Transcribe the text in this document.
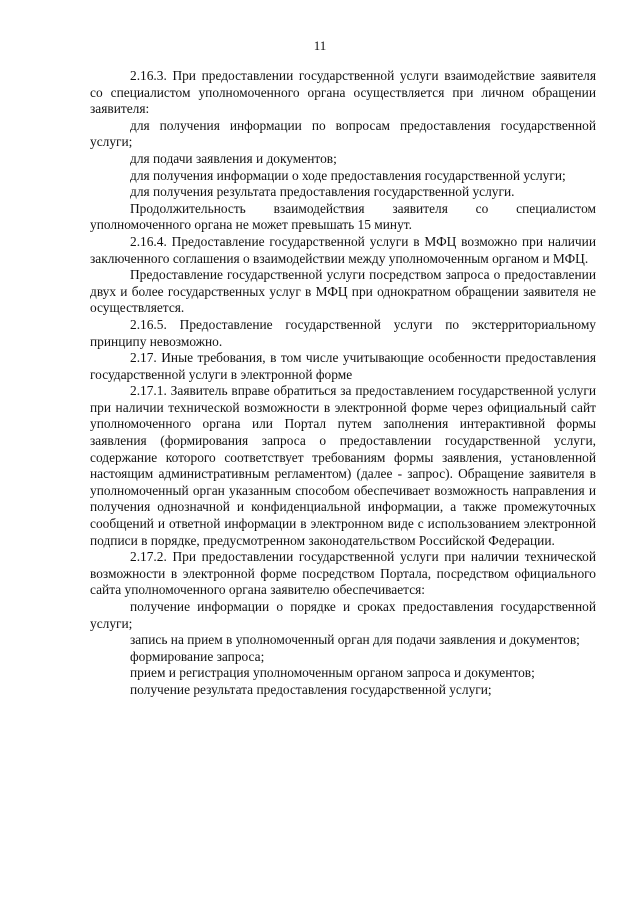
11

2.16.3. При предоставлении государственной услуги взаимодействие заявителя со специалистом уполномоченного органа осуществляется при личном обращении заявителя:

для получения информации по вопросам предоставления государственной услуги;

для подачи заявления и документов;

для получения информации о ходе предоставления государственной услуги;

для получения результата предоставления государственной услуги.

Продолжительность взаимодействия заявителя со специалистом уполномоченного органа не может превышать 15 минут.

2.16.4. Предоставление государственной услуги в МФЦ возможно при наличии заключенного соглашения о взаимодействии между уполномоченным органом и МФЦ.

Предоставление государственной услуги посредством запроса о предоставлении двух и более государственных услуг в МФЦ при однократном обращении заявителя не осуществляется.

2.16.5. Предоставление государственной услуги по экстерриториальному принципу невозможно.

2.17. Иные требования, в том числе учитывающие особенности предоставления государственной услуги в электронной форме

2.17.1. Заявитель вправе обратиться за предоставлением государственной услуги при наличии технической возможности в электронной форме через официальный сайт уполномоченного органа или Портал путем заполнения интерактивной формы заявления (формирования запроса о предоставлении государственной услуги, содержание которого соответствует требованиям формы заявления, установленной настоящим административным регламентом) (далее - запрос). Обращение заявителя в уполномоченный орган указанным способом обеспечивает возможность направления и получения однозначной и конфиденциальной информации, а также промежуточных сообщений и ответной информации в электронном виде с использованием электронной подписи в порядке, предусмотренном законодательством Российской Федерации.

2.17.2. При предоставлении государственной услуги при наличии технической возможности в электронной форме посредством Портала, посредством официального сайта уполномоченного органа заявителю обеспечивается:

получение информации о порядке и сроках предоставления государственной услуги;

запись на прием в уполномоченный орган для подачи заявления и документов;

формирование запроса;

прием и регистрация уполномоченным органом запроса и документов;

получение результата предоставления государственной услуги;
